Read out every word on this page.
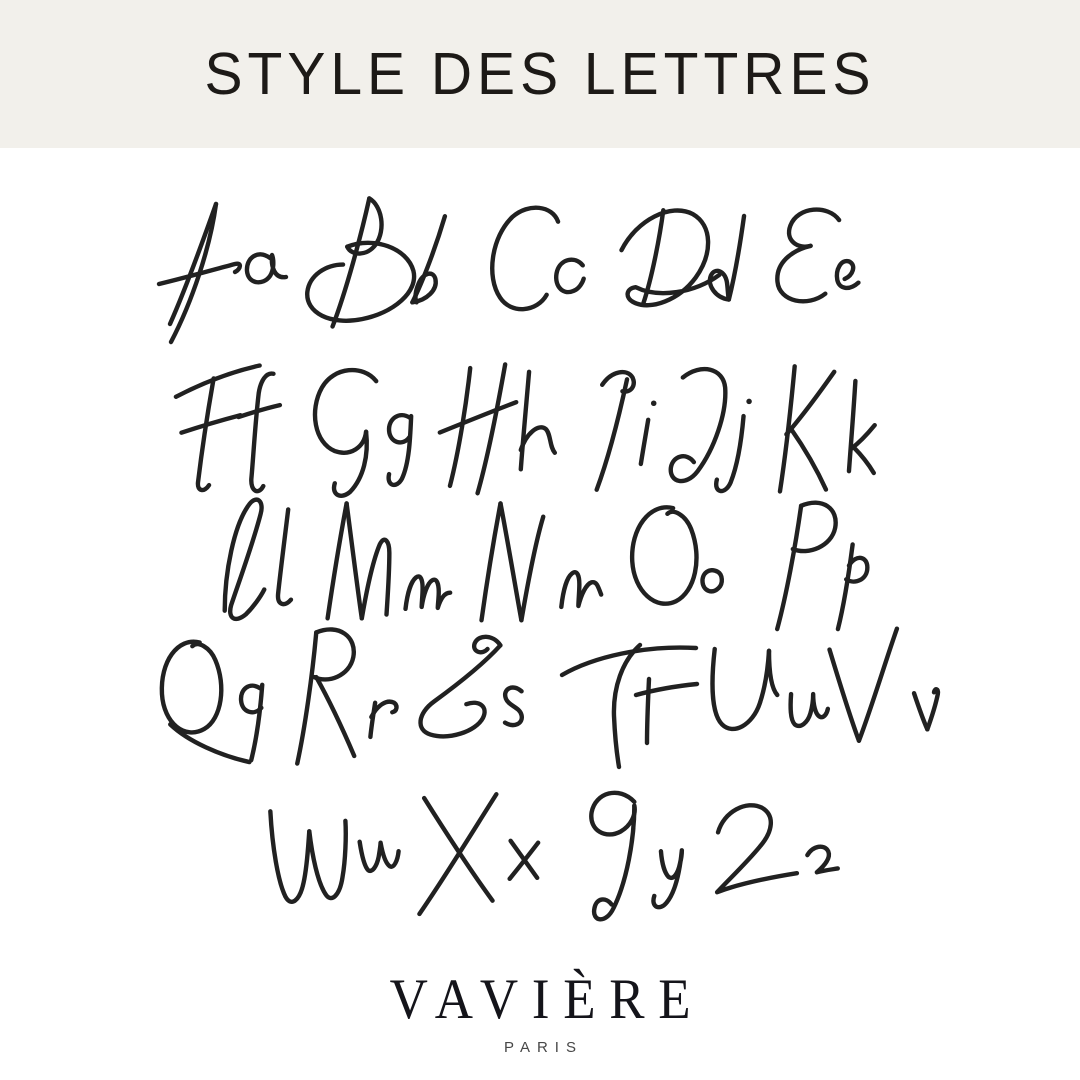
STYLE DES LETTRES
VAVIÈRE
PARIS
